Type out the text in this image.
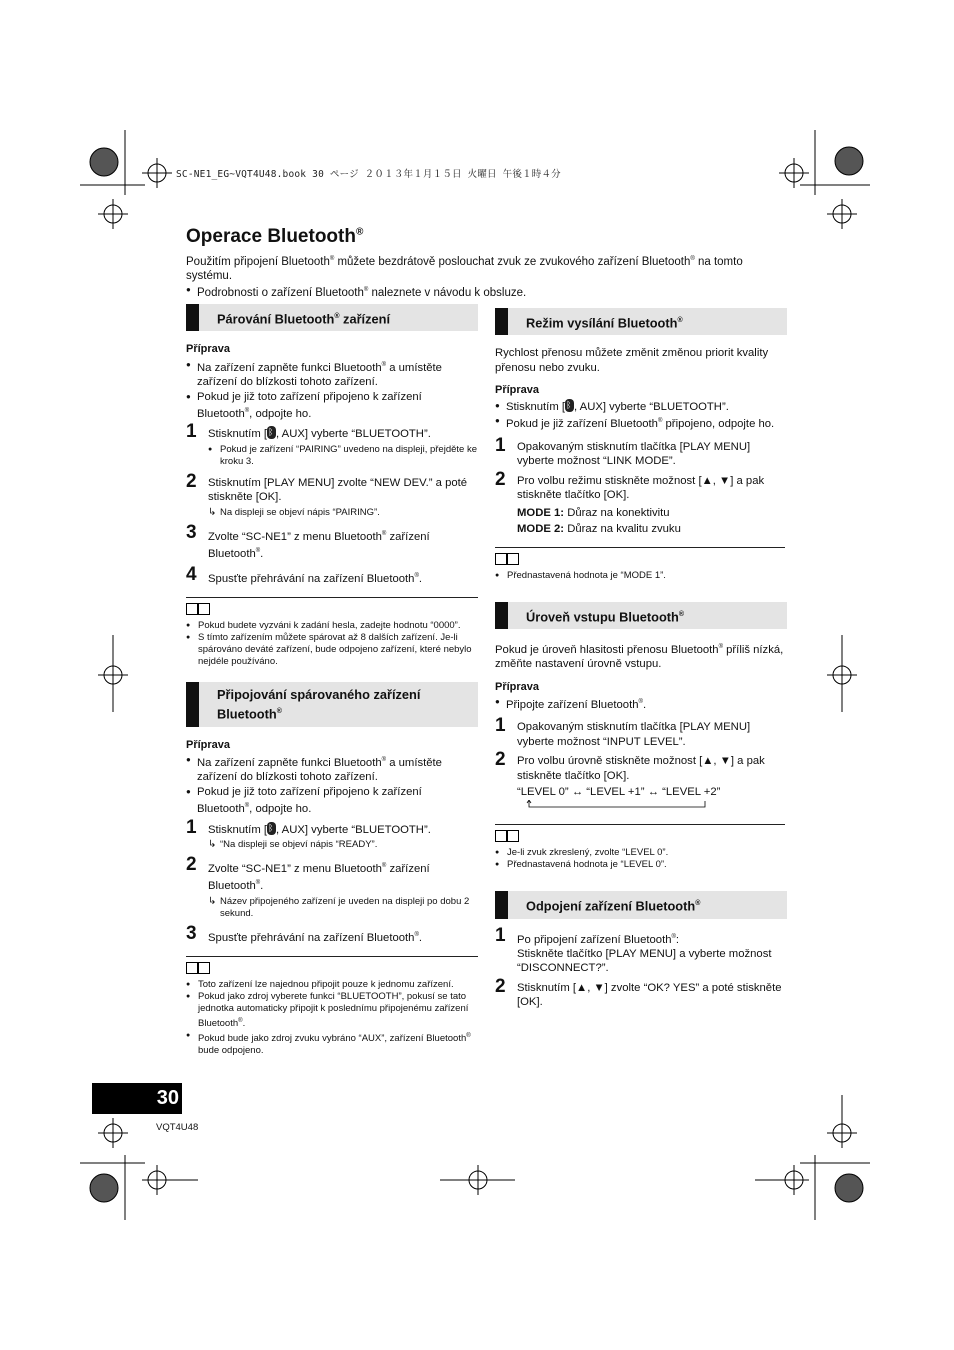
SC-NE1_EG~VQT4U48.book 30 ページ ２０１３年１月１５日 火曜日 午後１時４分
Operace Bluetooth®
Použitím připojení Bluetooth® můžete bezdrátově poslouchat zvuk ze zvukového zařízení Bluetooth® na tomto systému.
● Podrobnosti o zařízení Bluetooth® naleznete v návodu k obsluze.
Párování Bluetooth® zařízení
Příprava
● Na zařízení zapněte funkci Bluetooth® a umístěte zařízení do blízkosti tohoto zařízení.
● Pokud je již toto zařízení připojeno k zařízení Bluetooth®, odpojte ho.
1 Stisknutím [ ᛒ , AUX] vyberte “BLUETOOTH”.
● Pokud je zařízení “PAIRING” uvedeno na displeji, přejděte ke kroku 3.
2 Stisknutím [PLAY MENU] zvolte “NEW DEV.” a poté stiskněte [OK].
↳ Na displeji se objeví nápis “PAIRING”.
3 Zvolte “SC-NE1” z menu Bluetooth® zařízení Bluetooth®.
4 Spusťte přehrávání na zařízení Bluetooth®.
● Pokud budete vyzváni k zadání hesla, zadejte hodnotu “0000”.
● S tímto zařízením můžete spárovat až 8 dalších zařízení. Je-li spárováno deváté zařízení, bude odpojeno zařízení, které nebylo nejdéle používáno.
Připojování spárovaného zařízení Bluetooth®
Příprava
● Na zařízení zapněte funkci Bluetooth® a umístěte zařízení do blízkosti tohoto zařízení.
● Pokud je již toto zařízení připojeno k zařízení Bluetooth®, odpojte ho.
1 Stisknutím [ ᛒ , AUX] vyberte “BLUETOOTH”.
↳ “Na displeji se objeví nápis “READY”.
2 Zvolte “SC-NE1” z menu Bluetooth® zařízení Bluetooth®.
↳ Název připojeného zařízení je uveden na displeji po dobu 2 sekund.
3 Spusťte přehrávání na zařízení Bluetooth®.
● Toto zařízení lze najednou připojit pouze k jednomu zařízení.
● Pokud jako zdroj vyberete funkci “BLUETOOTH”, pokusí se tato jednotka automaticky připojit k poslednímu připojenému zařízení Bluetooth®.
● Pokud bude jako zdroj zvuku vybráno “AUX”, zařízení Bluetooth® bude odpojeno.
Režim vysílání Bluetooth®
Rychlost přenosu můžete změnit změnou priorit kvality přenosu nebo zvuku.
Příprava
● Stisknutím [ ᛒ , AUX] vyberte “BLUETOOTH”.
● Pokud je již zařízení Bluetooth® připojeno, odpojte ho.
1 Opakovaným stisknutím tlačítka [PLAY MENU] vyberte možnost “LINK MODE”.
2 Pro volbu režimu stiskněte možnost [▲, ▼] a pak stiskněte tlačítko [OK].
MODE 1: Důraz na konektivitu
MODE 2: Důraz na kvalitu zvuku
● Přednastavená hodnota je “MODE 1”.
Úroveň vstupu Bluetooth®
Pokud je úroveň hlasitosti přenosu Bluetooth® příliš nízká, změňte nastavení úrovně vstupu.
Příprava
● Připojte zařízení Bluetooth®.
1 Opakovaným stisknutím tlačítka [PLAY MENU] vyberte možnost “INPUT LEVEL”.
2 Pro volbu úrovně stiskněte možnost [▲, ▼] a pak stiskněte tlačítko [OK].
“LEVEL 0” ↔ “LEVEL +1” ↔ “LEVEL +2”
● Je-li zvuk zkreslený, zvolte “LEVEL 0”.
● Přednastavená hodnota je “LEVEL 0”.
Odpojení zařízení Bluetooth®
1 Po připojení zařízení Bluetooth®:
Stiskněte tlačítko [PLAY MENU] a vyberte možnost “DISCONNECT?”.
2 Stisknutím [▲, ▼] zvolte “OK? YES” a poté stiskněte [OK].
30
VQT4U48
